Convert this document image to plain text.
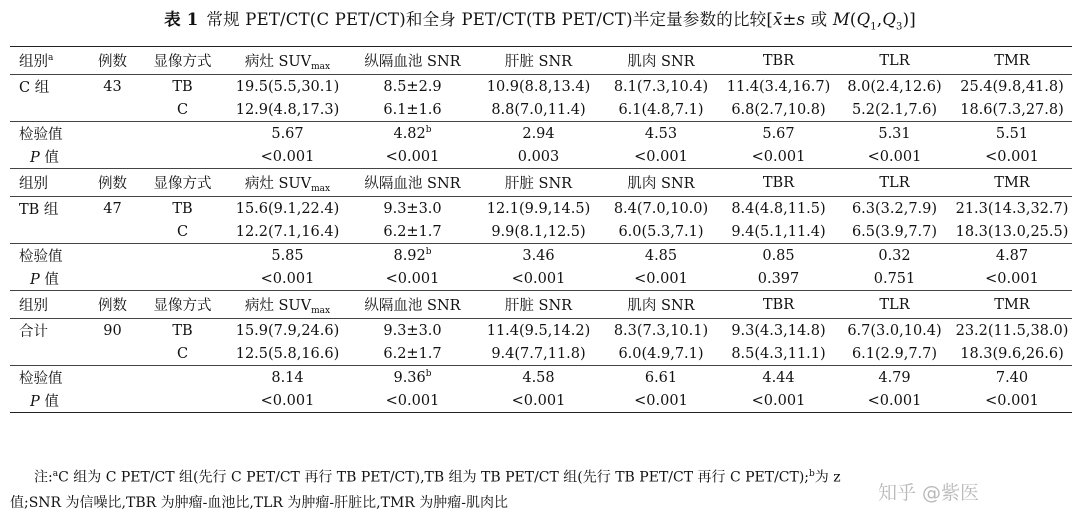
表 1 常规 PET/CT(C PET/CT)和全身 PET/CT(TB PET/CT)半定量参数的比较[x̄±s 或 $M(Q_1,Q_3)$]
组别$^a$	例数	显像方式	病灶 $SUV_{max}$	纵隔血池 SNR	肝脏 SNR	肌肉 SNR	TBR	TLR	TMR
C 组	43	TB	19.5(5.5,30.1)	8.5±2.9	10.9(8.8,13.4)	8.1(7.3,10.4)	11.4(3.4,16.7)	8.0(2.4,12.6)	25.4(9.8,41.8)
		C	12.9(4.8,17.3)	6.1±1.6	8.8(7.0,11.4)	6.1(4.8,7.1)	6.8(2.7,10.8)	5.2(2.1,7.6)	18.6(7.3,27.8)
检验值			5.67	4.82$^b$	2.94	4.53	5.67	5.31	5.51
P 值			<0.001	<0.001	0.003	<0.001	<0.001	<0.001	<0.001
组别	例数	显像方式	病灶 $SUV_{max}$	纵隔血池 SNR	肝脏 SNR	肌肉 SNR	TBR	TLR	TMR
TB 组	47	TB	15.6(9.1,22.4)	9.3±3.0	12.1(9.9,14.5)	8.4(7.0,10.0)	8.4(4.8,11.5)	6.3(3.2,7.9)	21.3(14.3,32.7)
		C	12.2(7.1,16.4)	6.2±1.7	9.9(8.1,12.5)	6.0(5.3,7.1)	9.4(5.1,11.4)	6.5(3.9,7.7)	18.3(13.0,25.5)
检验值			5.85	8.92$^b$	3.46	4.85	0.85	0.32	4.87
P 值			<0.001	<0.001	<0.001	<0.001	0.397	0.751	<0.001
组别	例数	显像方式	病灶 $SUV_{max}$	纵隔血池 SNR	肝脏 SNR	肌肉 SNR	TBR	TLR	TMR
合计	90	TB	15.9(7.9,24.6)	9.3±3.0	11.4(9.5,14.2)	8.3(7.3,10.1)	9.3(4.3,14.8)	6.7(3.0,10.4)	23.2(11.5,38.0)
		C	12.5(5.8,16.6)	6.2±1.7	9.4(7.7,11.8)	6.0(4.9,7.1)	8.5(4.3,11.1)	6.1(2.9,7.7)	18.3(9.6,26.6)
检验值			8.14	9.36$^b$	4.58	6.61	4.44	4.79	7.40
P 值			<0.001	<0.001	<0.001	<0.001	<0.001	<0.001	<0.001
注:$^a$C 组为 C PET/CT 组(先行 C PET/CT 再行 TB PET/CT),TB 组为 TB PET/CT 组(先行 TB PET/CT 再行 C PET/CT);$^b$为 z
值;SNR 为信噪比,TBR 为肿瘤-血池比,TLR 为肿瘤-肝脏比,TMR 为肿瘤-肌肉比	知乎 @紫医
